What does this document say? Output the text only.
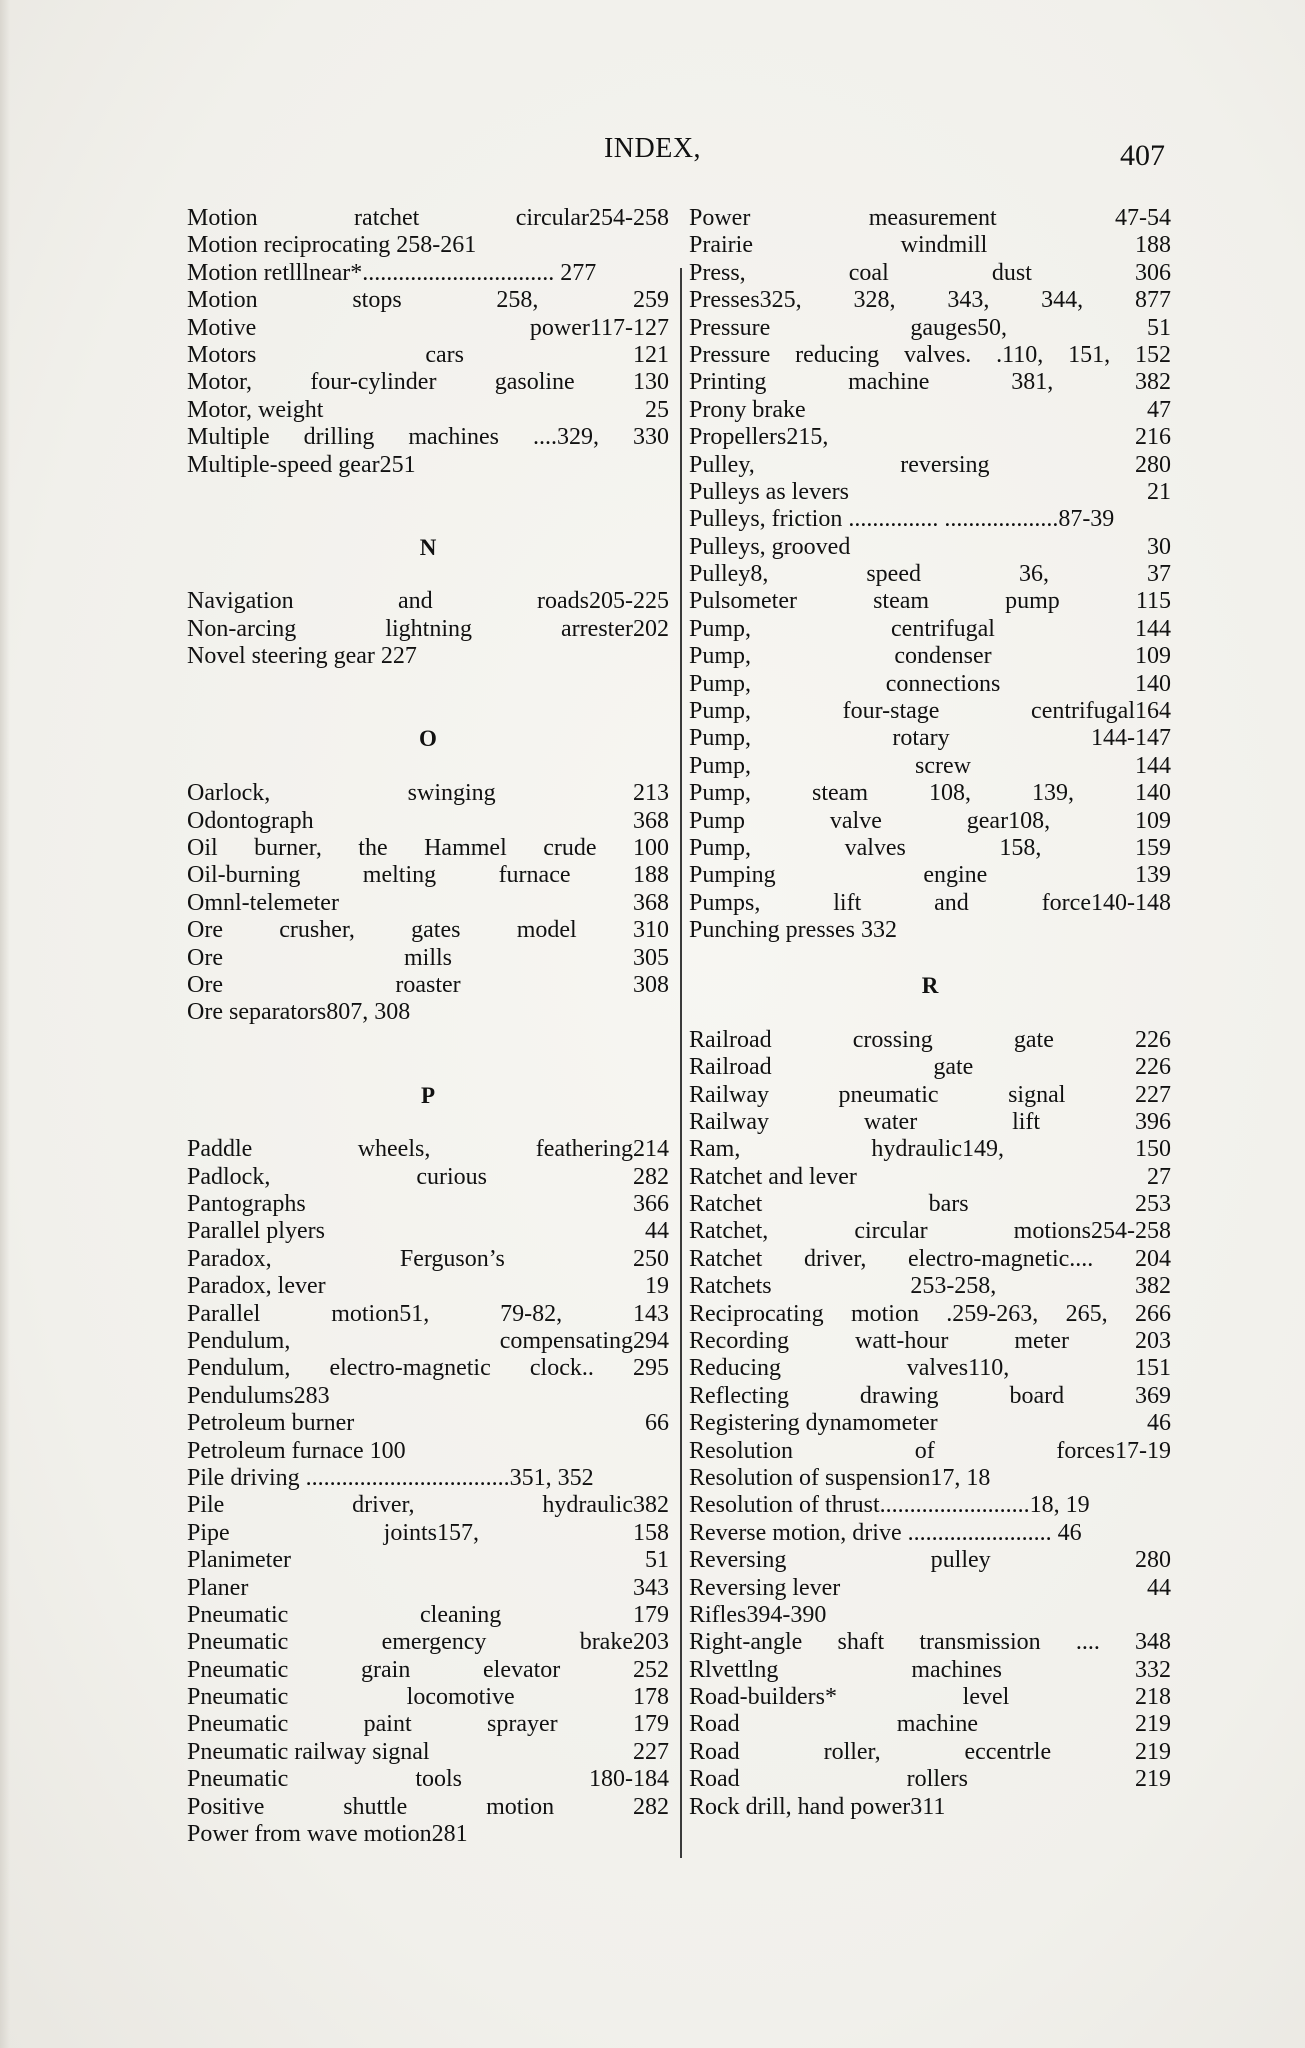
INDEX,	407
Motion	ratchet	circular254-258
Motion reciprocating 258-261
Motion retlllnear*................................ 277
Motion	stops	258,	259
Motive	power117-127
Motors	cars	121
Motor, four-cylinder gasoline 130
Motor, weight	25
Multiple drilling machines ....329, 330
Multiple-speed gear251
N
Navigation	and	roads205-225
Non-arcing	lightning	arrester202
Novel steering gear 227
O
Oarlock,	swinging	213
Odontograph	368
Oil burner, the Hammel crude 100
Oil-burning	melting	furnace	188
Omnl-telemeter	368
Ore crusher, gates model 310
Ore	mills	305
Ore	roaster	308
Ore separators807, 308
P
Paddle	wheels,	feathering214
Padlock,	curious	282
Pantographs	366
Parallel plyers	44
Paradox,	Ferguson’s	250
Paradox, lever	19
Parallel	motion51,	79-82,	143
Pendulum,	compensating294
Pendulum, electro-magnetic clock.. 295
Pendulums283
Petroleum burner	66
Petroleum furnace 100
Pile driving ..................................351, 352
Pile	driver,	hydraulic382
Pipe	joints157,	158
Planimeter	51
Planer	343
Pneumatic	cleaning	179
Pneumatic	emergency	brake203
Pneumatic	grain	elevator	252
Pneumatic	locomotive	178
Pneumatic	paint	sprayer	179
Pneumatic railway signal	227
Pneumatic	tools	180-184
Positive	shuttle	motion	282
Power from wave motion281
Power	measurement	47-54
Prairie	windmill	188
Press,	coal	dust	306
Presses325, 328, 343, 344, 877
Pressure	gauges50,	51
Pressure reducing valves. .110, 151, 152
Printing	machine	381,	382
Prony brake	47
Propellers215,	216
Pulley,	reversing	280
Pulleys as levers	21
Pulleys, friction ............... ...................87-39
Pulleys, grooved	30
Pulley8,	speed	36,	37
Pulsometer	steam	pump	115
Pump,	centrifugal	144
Pump,	condenser	109
Pump,	connections	140
Pump,	four-stage	centrifugal164
Pump,	rotary	144-147
Pump,	screw	144
Pump,	steam	108,	139,	140
Pump	valve	gear108,	109
Pump,	valves	158,	159
Pumping	engine	139
Pumps,	lift	and	force140-148
Punching presses 332
R
Railroad	crossing	gate	226
Railroad	gate	226
Railway	pneumatic	signal	227
Railway	water	lift	396
Ram,	hydraulic149,	150
Ratchet and lever	27
Ratchet	bars	253
Ratchet,	circular	motions254-258
Ratchet driver, electro-magnetic.... 204
Ratchets	253-258,	382
Reciprocating motion .259-263, 265, 266
Recording	watt-hour	meter	203
Reducing	valves110,	151
Reflecting	drawing	board	369
Registering dynamometer	46
Resolution	of	forces17-19
Resolution of suspension17, 18
Resolution of thrust.........................18, 19
Reverse motion, drive ........................ 46
Reversing	pulley	280
Reversing lever	44
Rifles394-390
Right-angle shaft transmission .... 348
Rlvettlng	machines	332
Road-builders*	level	218
Road	machine	219
Road	roller,	eccentrle	219
Road	rollers	219
Rock drill, hand power311
